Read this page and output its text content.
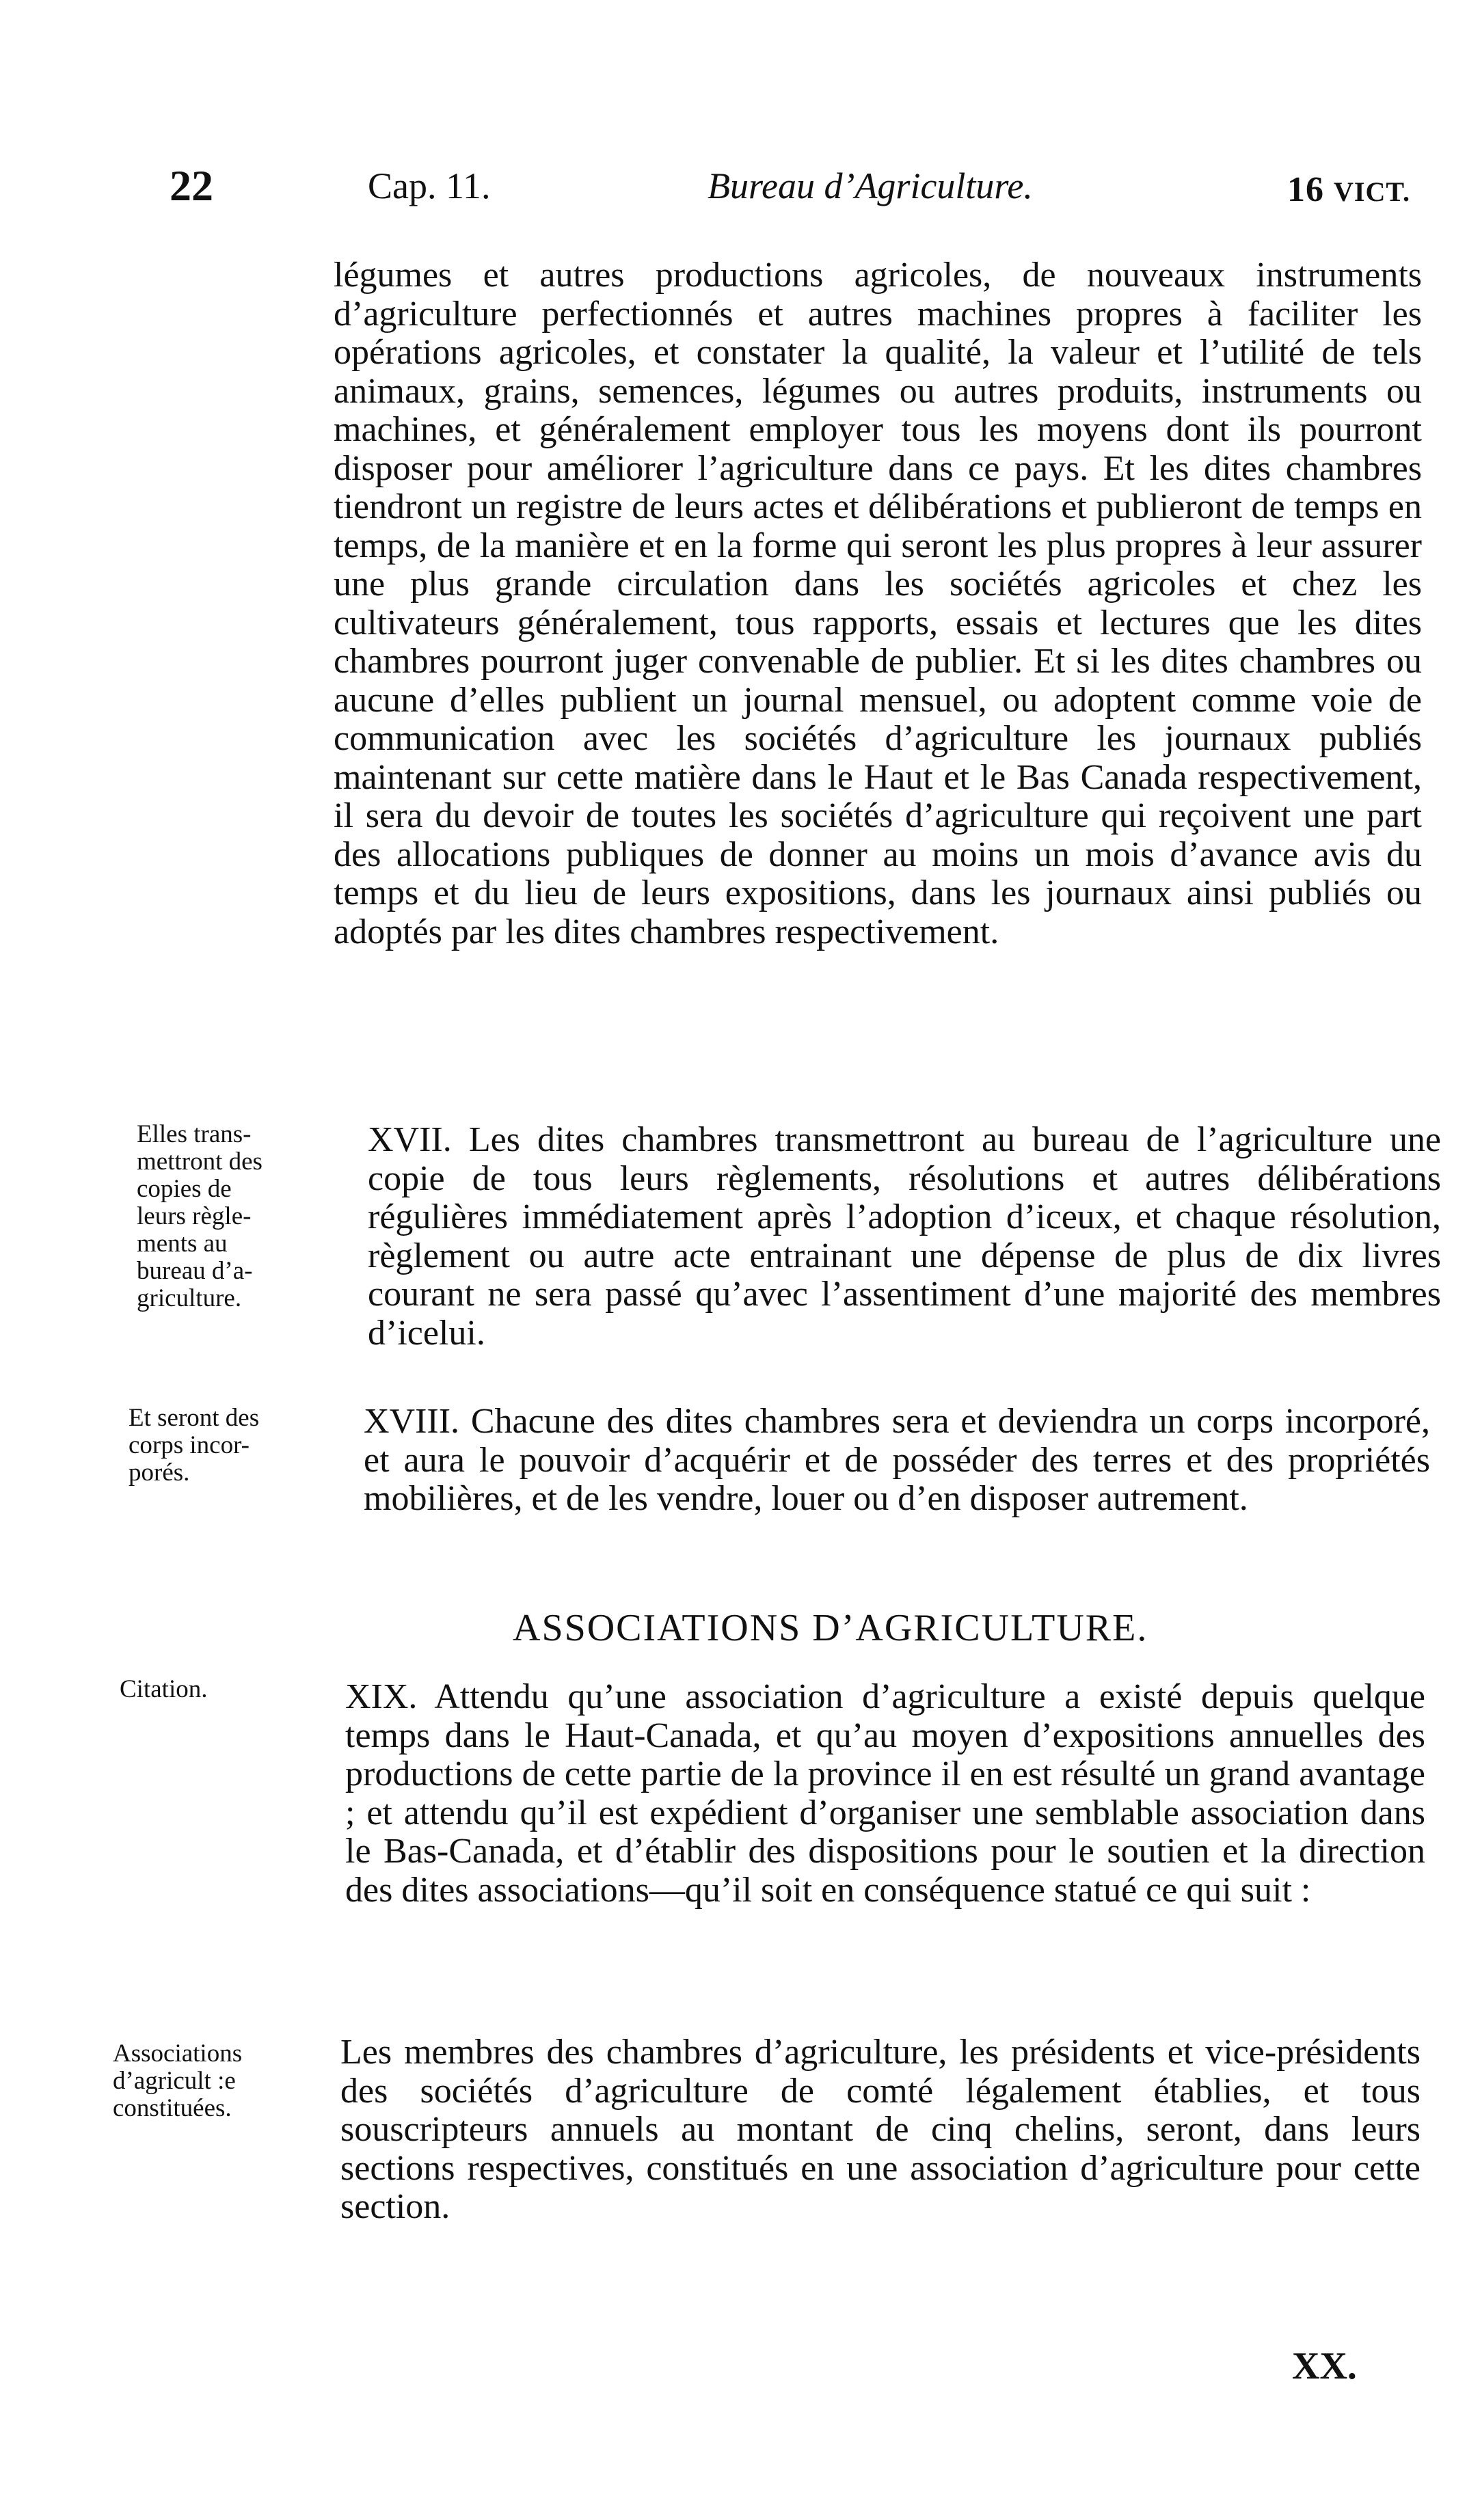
22	Cap. 11.	Bureau d’Agriculture.	16 VICT.
légumes et autres productions agricoles, de nouveaux instruments d’agriculture perfectionnés et autres machines propres à faciliter les opérations agricoles, et constater la qualité, la valeur et l’utilité de tels animaux, grains, semences, légumes ou autres produits, instruments ou machines, et généralement employer tous les moyens dont ils pourront disposer pour améliorer l’agriculture dans ce pays. Et les dites chambres tiendront un registre de leurs actes et délibérations et publieront de temps en temps, de la manière et en la forme qui seront les plus propres à leur assurer une plus grande circulation dans les sociétés agricoles et chez les cultivateurs généralement, tous rapports, essais et lectures que les dites chambres pourront juger convenable de publier. Et si les dites chambres ou aucune d’elles publient un journal mensuel, ou adoptent comme voie de communication avec les sociétés d’agriculture les journaux publiés maintenant sur cette matière dans le Haut et le Bas Canada respectivement, il sera du devoir de toutes les sociétés d’agriculture qui reçoivent une part des allocations publiques de donner au moins un mois d’avance avis du temps et du lieu de leurs expositions, dans les journaux ainsi publiés ou adoptés par les dites chambres respectivement.
Elles trans-
mettront des
copies de
leurs règle-
ments au
bureau d’a-
griculture.
XVII. Les dites chambres transmettront au bureau de l’agriculture une copie de tous leurs règlements, résolutions et autres délibérations régulières immédiatement après l’adoption d’iceux, et chaque résolution, règlement ou autre acte entrainant une dépense de plus de dix livres courant ne sera passé qu’avec l’assentiment d’une majorité des membres d’icelui.
Et seront des
corps incor-
porés.
XVIII. Chacune des dites chambres sera et deviendra un corps incorporé, et aura le pouvoir d’acquérir et de posséder des terres et des propriétés mobilières, et de les vendre, louer ou d’en disposer autrement.
ASSOCIATIONS D’AGRICULTURE.
Citation.	XIX. Attendu qu’une association d’agriculture a existé depuis quelque temps dans le Haut-Canada, et qu’au moyen d’expositions annuelles des productions de cette partie de la province il en est résulté un grand avantage ; et attendu qu’il est expédient d’organiser une semblable association dans le Bas-Canada, et d’établir des dispositions pour le soutien et la direction des dites associations—qu’il soit en conséquence statué ce qui suit :
Associations
d’agricult :e
constituées.
Les membres des chambres d’agriculture, les présidents et vice-présidents des sociétés d’agriculture de comté légalement établies, et tous souscripteurs annuels au montant de cinq chelins, seront, dans leurs sections respectives, constitués en une association d’agriculture pour cette section.
XX.
